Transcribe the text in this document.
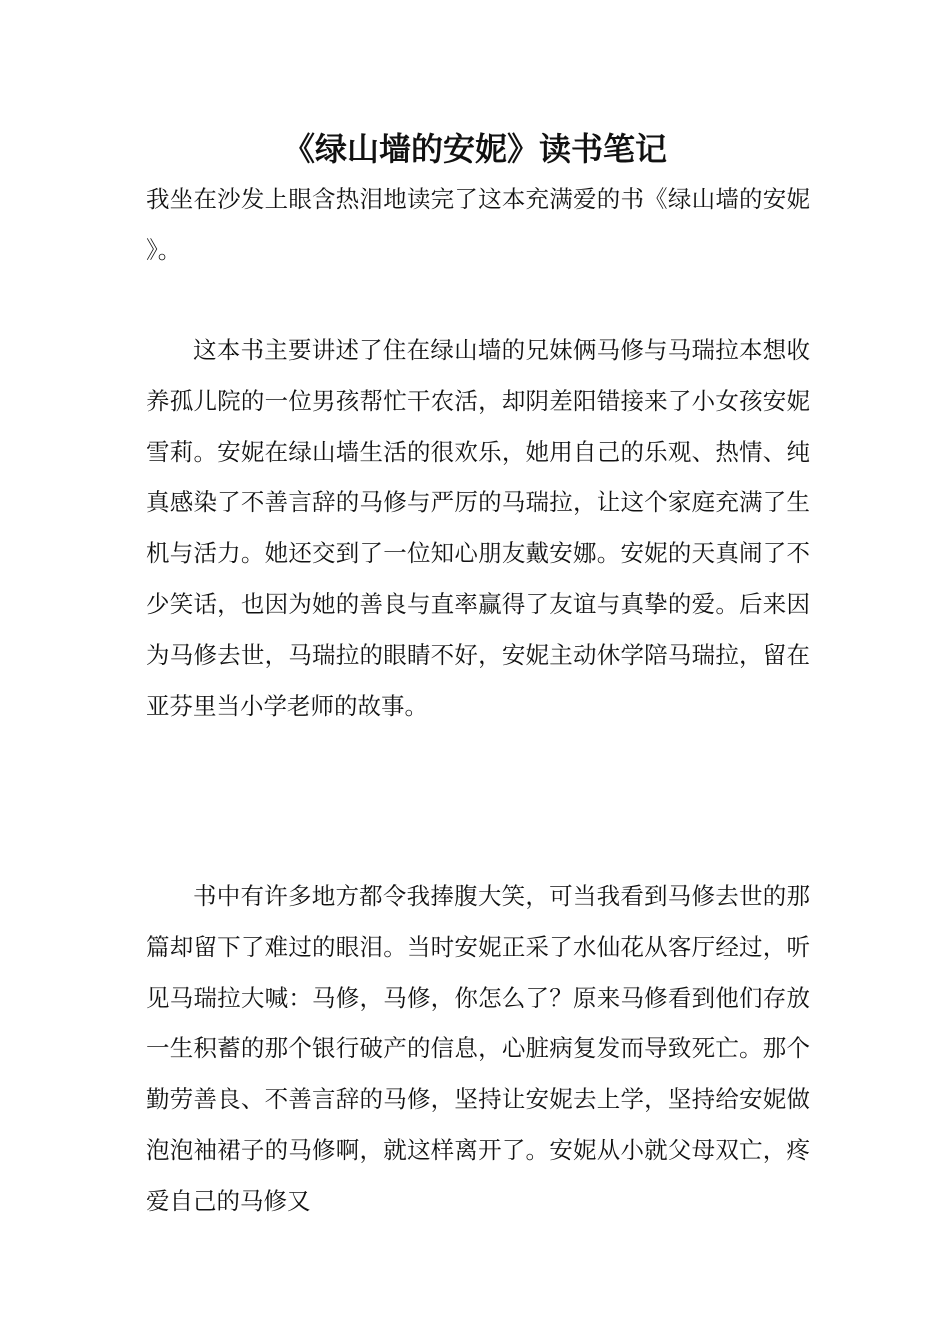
《绿山墙的安妮》读书笔记

我坐在沙发上眼含热泪地读完了这本充满爱的书《绿山墙的安妮》。

这本书主要讲述了住在绿山墙的兄妹俩马修与马瑞拉本想收养孤儿院的一位男孩帮忙干农活，却阴差阳错接来了小女孩安妮雪莉。安妮在绿山墙生活的很欢乐，她用自己的乐观、热情、纯真感染了不善言辞的马修与严厉的马瑞拉，让这个家庭充满了生机与活力。她还交到了一位知心朋友戴安娜。安妮的天真闹了不少笑话，也因为她的善良与直率赢得了友谊与真挚的爱。后来因为马修去世，马瑞拉的眼睛不好，安妮主动休学陪马瑞拉，留在亚芬里当小学老师的故事。

书中有许多地方都令我捧腹大笑，可当我看到马修去世的那篇却留下了难过的眼泪。当时安妮正采了水仙花从客厅经过，听见马瑞拉大喊：马修，马修，你怎么了？原来马修看到他们存放一生积蓄的那个银行破产的信息，心脏病复发而导致死亡。那个勤劳善良、不善言辞的马修，坚持让安妮去上学，坚持给安妮做泡泡袖裙子的马修啊，就这样离开了。安妮从小就父母双亡，疼爱自己的马修又
